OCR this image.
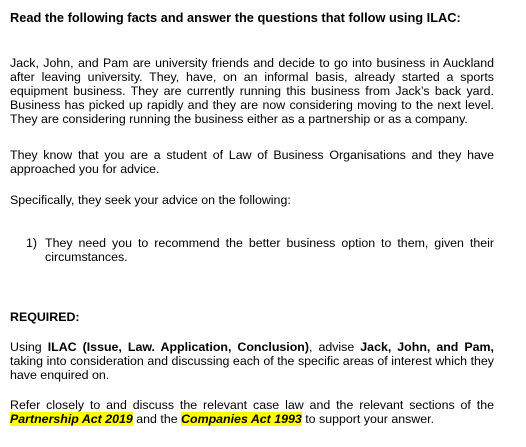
Read the following facts and answer the questions that follow using ILAC:

Jack, John, and Pam are university friends and decide to go into business in Auckland after leaving university. They, have, on an informal basis, already started a sports equipment business. They are currently running this business from Jack’s back yard. Business has picked up rapidly and they are now considering moving to the next level. They are considering running the business either as a partnership or as a company.

They know that you are a student of Law of Business Organisations and they have approached you for advice.

Specifically, they seek your advice on the following:

1) They need you to recommend the better business option to them, given their circumstances.
REQUIRED:

Using ILAC (Issue, Law. Application, Conclusion), advise Jack, John, and Pam, taking into consideration and discussing each of the specific areas of interest which they have enquired on.

Refer closely to and discuss the relevant case law and the relevant sections of the Partnership Act 2019 and the Companies Act 1993 to support your answer.
